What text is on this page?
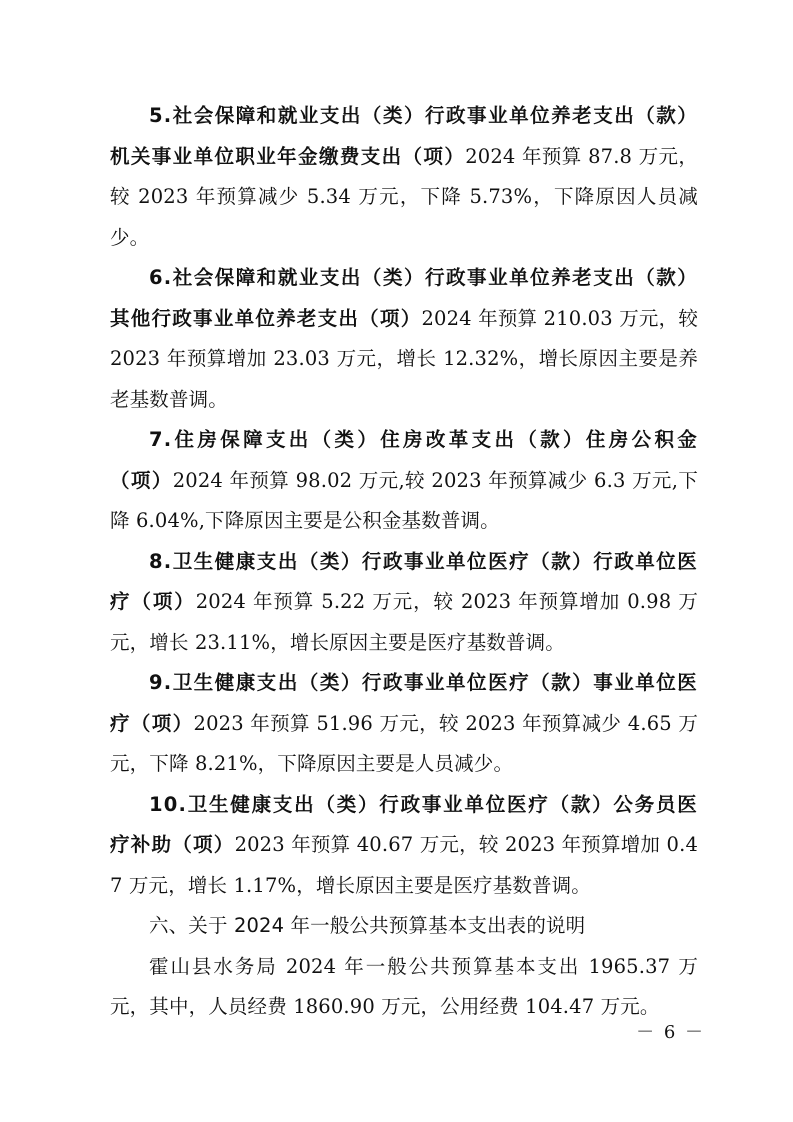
5.社会保障和就业支出（类）行政事业单位养老支出（款）机关事业单位职业年金缴费支出（项）2024 年预算 87.8 万元，较 2023 年预算减少 5.34 万元，下降 5.73%，下降原因人员减少。

6.社会保障和就业支出（类）行政事业单位养老支出（款）其他行政事业单位养老支出（项）2024 年预算 210.03 万元，较 2023 年预算增加 23.03 万元，增长 12.32%，增长原因主要是养老基数普调。

7.住房保障支出（类）住房改革支出（款）住房公积金（项）2024 年预算 98.02 万元,较 2023 年预算减少 6.3 万元,下降 6.04%,下降原因主要是公积金基数普调。

8.卫生健康支出（类）行政事业单位医疗（款）行政单位医疗（项）2024 年预算 5.22 万元，较 2023 年预算增加 0.98 万元，增长 23.11%，增长原因主要是医疗基数普调。

9.卫生健康支出（类）行政事业单位医疗（款）事业单位医疗（项）2023 年预算 51.96 万元，较 2023 年预算减少 4.65 万元，下降 8.21%，下降原因主要是人员减少。

10.卫生健康支出（类）行政事业单位医疗（款）公务员医疗补助（项）2023 年预算 40.67 万元，较 2023 年预算增加 0.47 万元，增长 1.17%，增长原因主要是医疗基数普调。

六、关于 2024 年一般公共预算基本支出表的说明

霍山县水务局 2024 年一般公共预算基本支出 1965.37 万元，其中，人员经费 1860.90 万元，公用经费 104.47 万元。

－ 6 －
